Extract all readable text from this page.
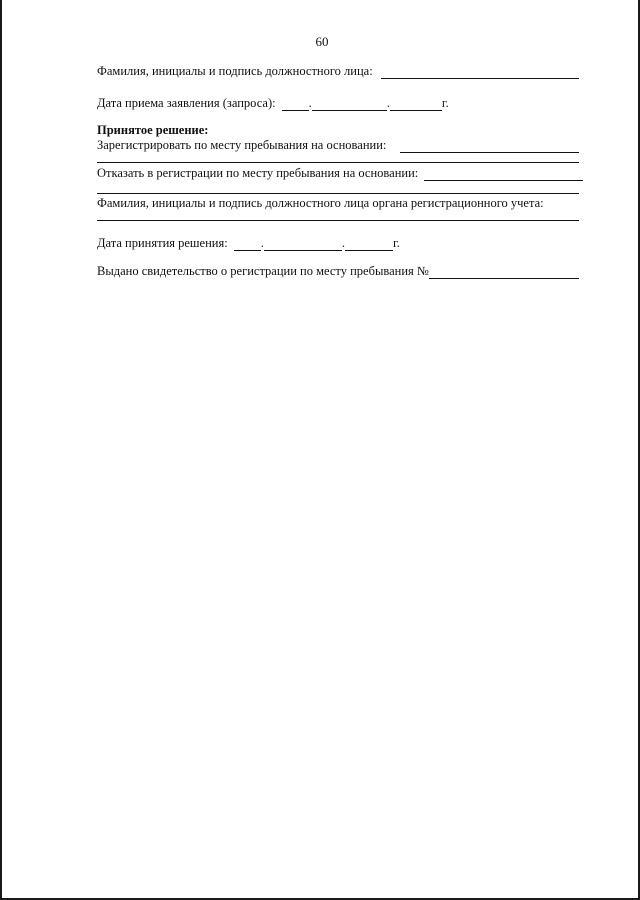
60
Фамилия, инициалы и подпись должностного лица:
Дата приема заявления (запроса):	.	.	г.
Принятое решение:
Зарегистрировать по месту пребывания на основании:
Отказать в регистрации по месту пребывания на основании:
Фамилия, инициалы и подпись должностного лица органа регистрационного учета:
Дата принятия решения:	.	.	г.
Выдано свидетельство о регистрации по месту пребывания №
